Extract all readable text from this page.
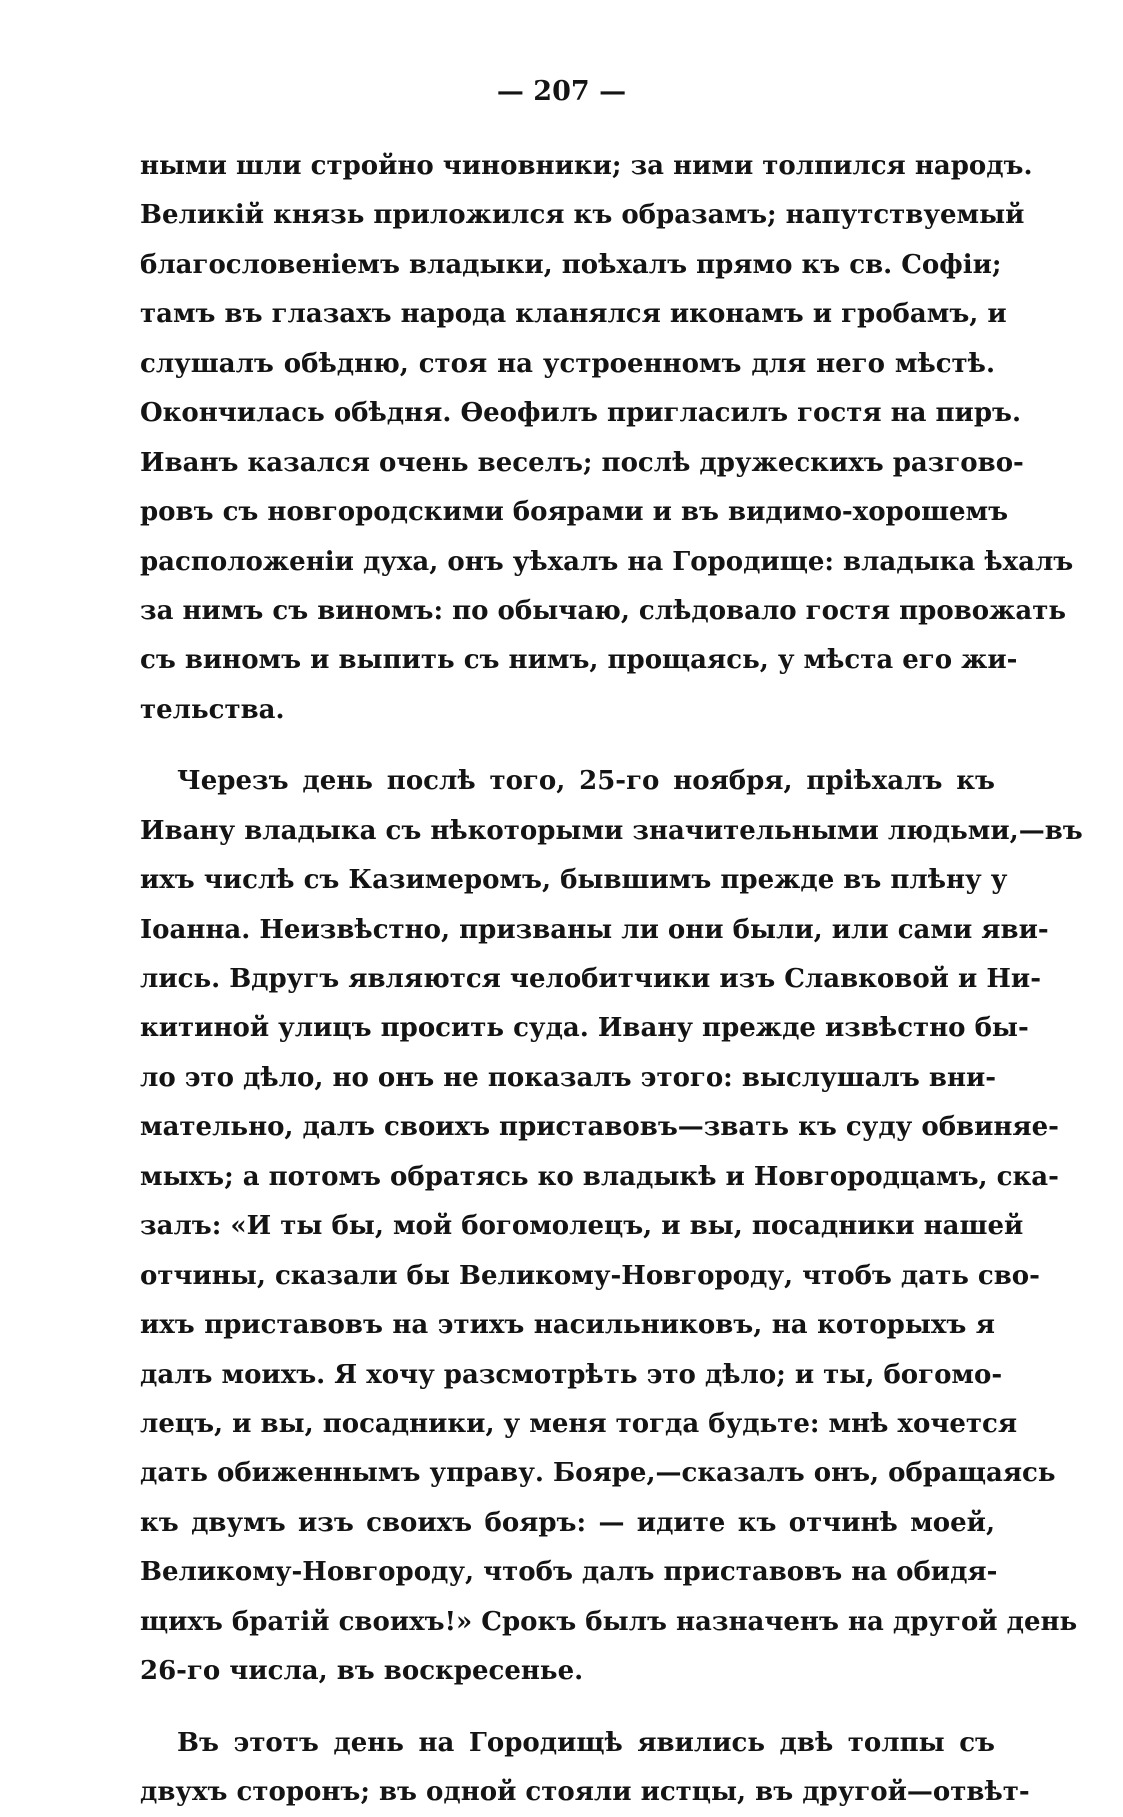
— 207 —
ными шли стройно чиновники; за ними толпился народъ.
Великій князь приложился къ образамъ; напутствуемый
благословеніемъ владыки, поѣхалъ прямо къ св. Софіи;
тамъ въ глазахъ народа кланялся иконамъ и гробамъ, и
слушалъ обѣдню, стоя на устроенномъ для него мѣстѣ.
Окончилась обѣдня. Ѳеофилъ пригласилъ гостя на пиръ.
Иванъ казался очень веселъ; послѣ дружескихъ разгово-
ровъ съ новгородскими боярами и въ видимо-хорошемъ
расположеніи духа, онъ уѣхалъ на Городище: владыка ѣхалъ
за нимъ съ виномъ: по обычаю, слѣдовало гостя провожать
съ виномъ и выпить съ нимъ, прощаясь, у мѣста его жи-
тельства.
Черезъ день послѣ того, 25-го ноября, пріѣхалъ къ
Ивану владыка съ нѣкоторыми значительными людьми,—въ
ихъ числѣ съ Казимеромъ, бывшимъ прежде въ плѣну у
Іоанна. Неизвѣстно, призваны ли они были, или сами яви-
лись. Вдругъ являются челобитчики изъ Славковой и Ни-
китиной улицъ просить суда. Ивану прежде извѣстно бы-
ло это дѣло, но онъ не показалъ этого: выслушалъ вни-
мательно, далъ своихъ приставовъ—звать къ суду обвиняе-
мыхъ; а потомъ обратясь ко владыкѣ и Новгородцамъ, ска-
залъ: «И ты бы, мой богомолецъ, и вы, посадники нашей
отчины, сказали бы Великому-Новгороду, чтобъ дать сво-
ихъ приставовъ на этихъ насильниковъ, на которыхъ я
далъ моихъ. Я хочу разсмотрѣть это дѣло; и ты, богомо-
лецъ, и вы, посадники, у меня тогда будьте: мнѣ хочется
дать обиженнымъ управу. Бояре,—сказалъ онъ, обращаясь
къ двумъ изъ своихъ бояръ: — идите къ отчинѣ моей,
Великому-Новгороду, чтобъ далъ приставовъ на обидя-
щихъ братій своихъ!» Срокъ былъ назначенъ на другой день
26-го числа, въ воскресенье.
Въ этотъ день на Городищѣ явились двѣ толпы съ
двухъ сторонъ; въ одной стояли истцы, въ другой—отвѣт-
